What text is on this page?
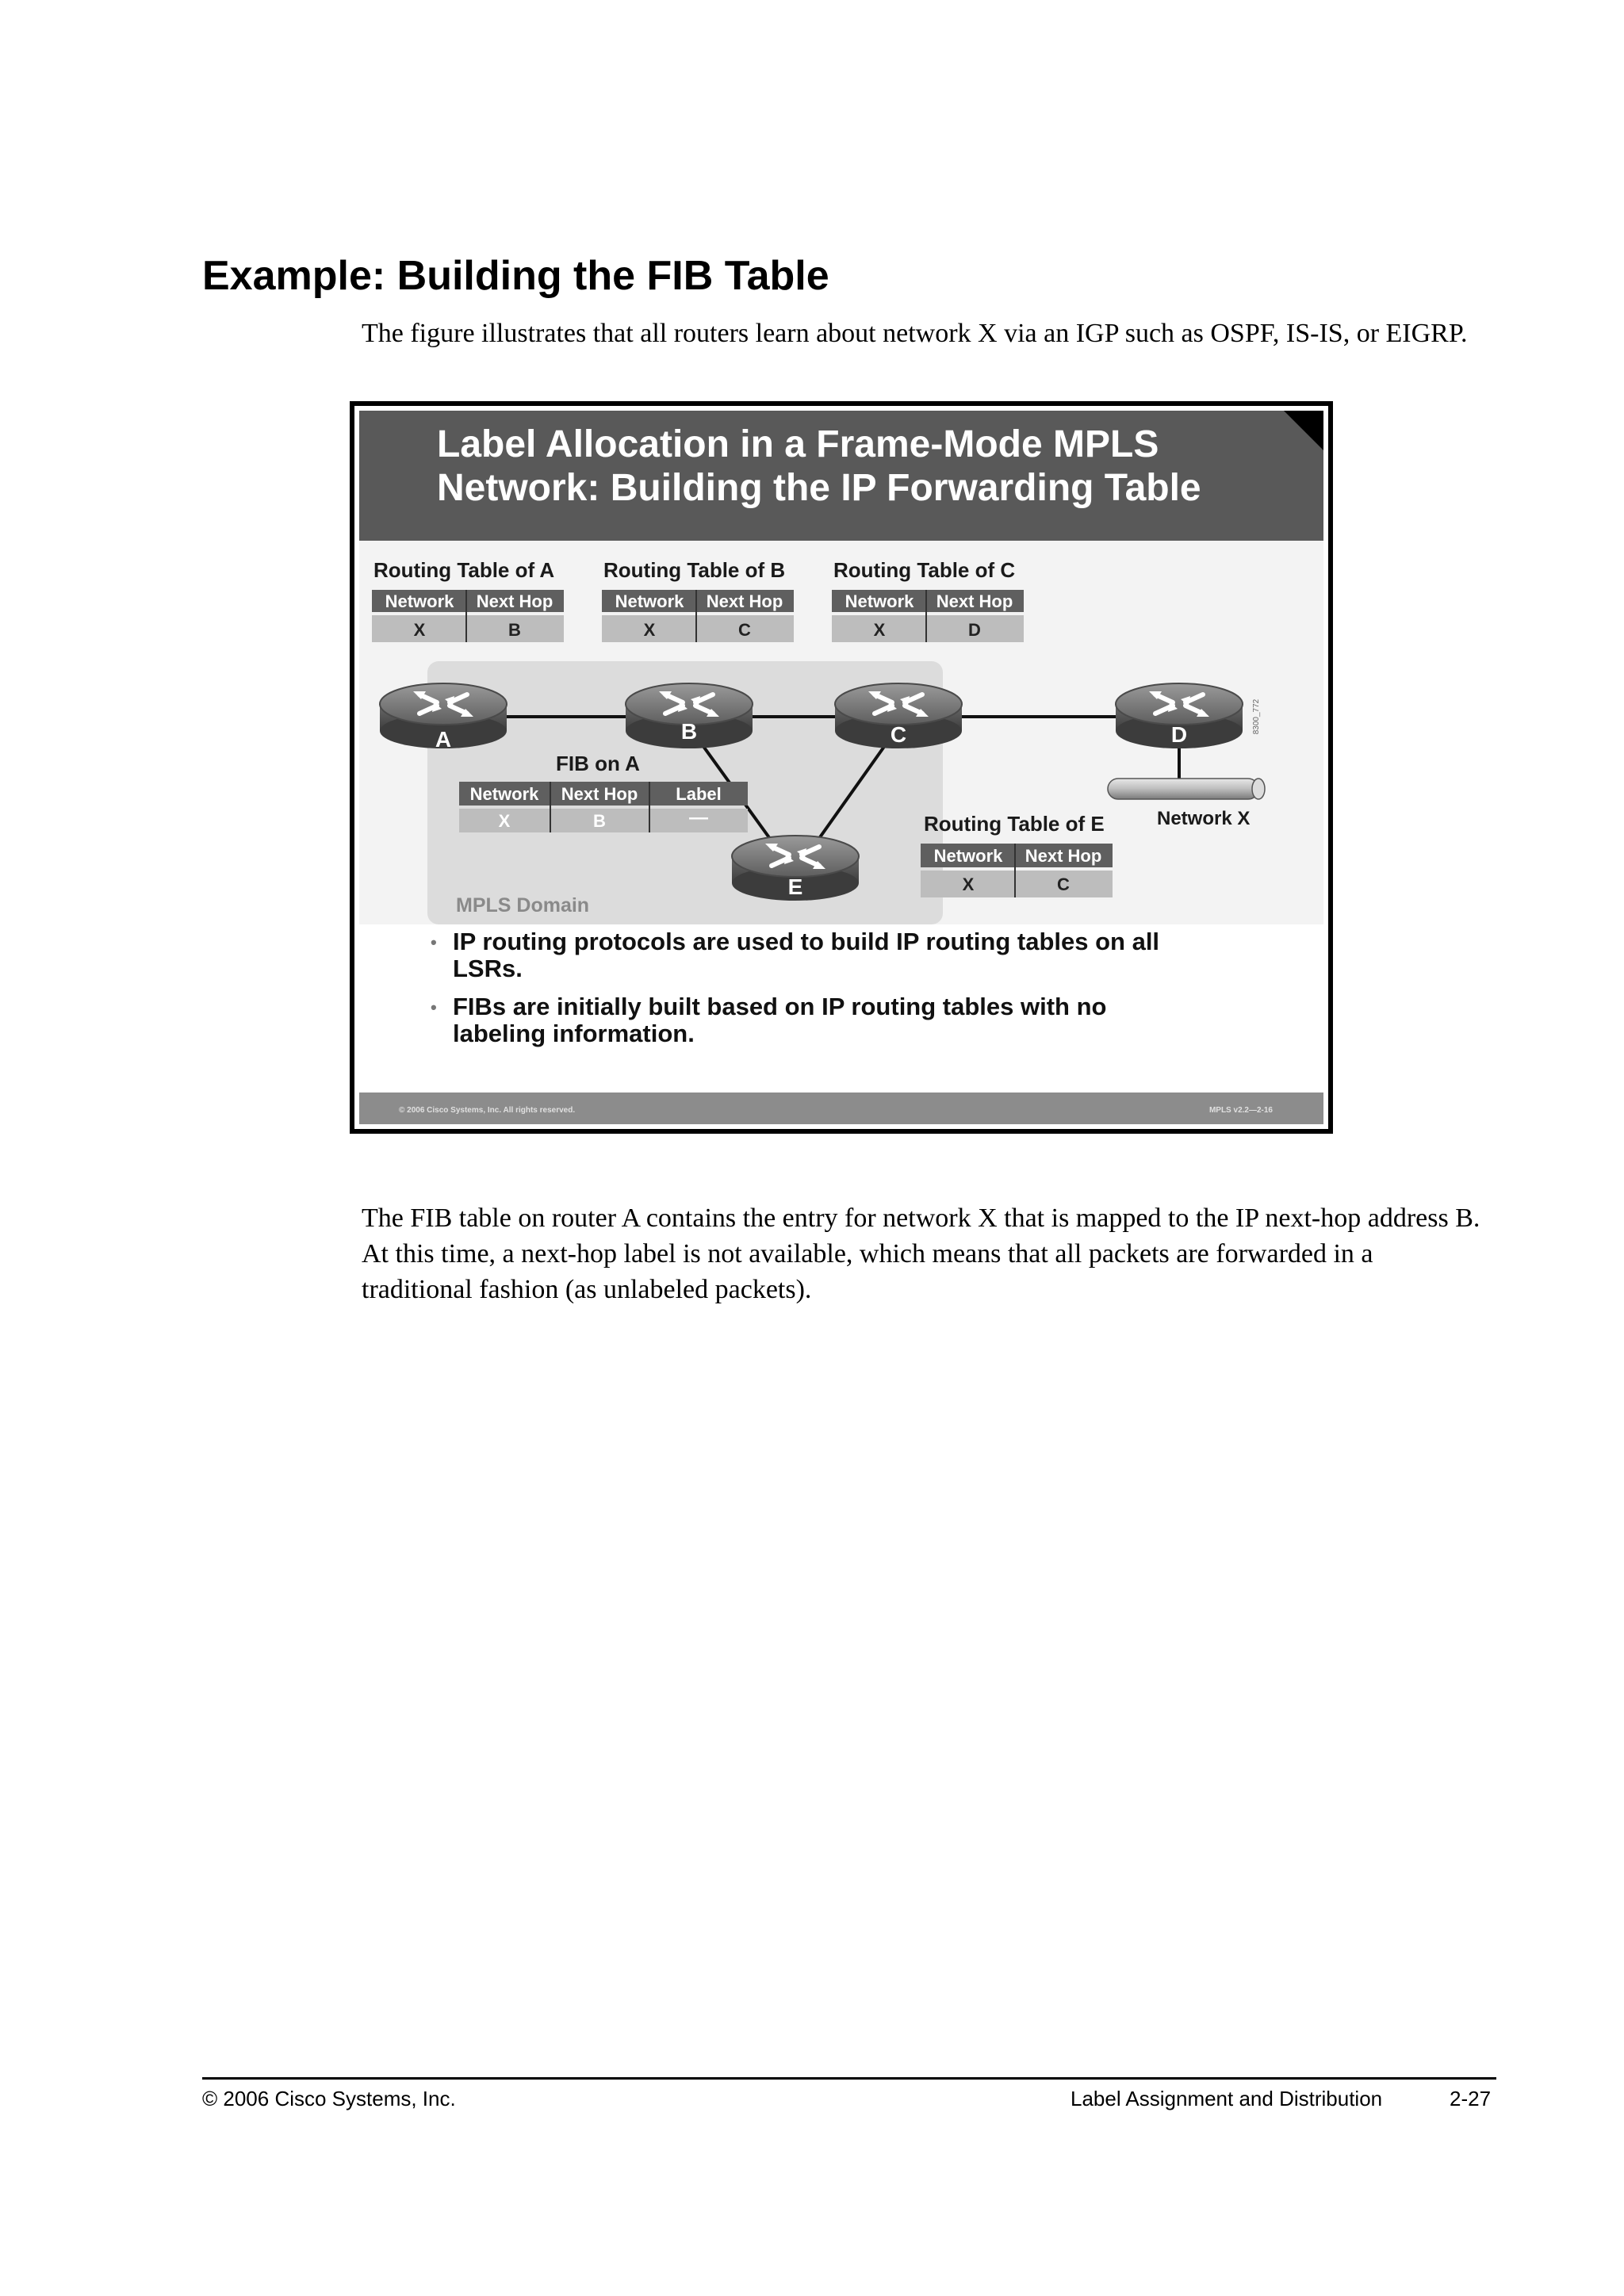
Example: Building the FIB Table
The figure illustrates that all routers learn about network X via an IGP such as OSPF, IS-IS, or EIGRP.
Label Allocation in a Frame-Mode MPLS
Network: Building the IP Forwarding Table
MPLS Domain
Routing Table of A
Network Next Hop
X	B
Routing Table of B
Network Next Hop
X	C
Routing Table of C
Network Next Hop
X	D
Network X
A	B	C	D
E
8300_772
FIB on A
Network Next Hop Label
X	B	—	Routing Table of E
Network Next Hop
X	C
• IP routing protocols are used to build IP routing tables on all
LSRs.
• FIBs are initially built based on IP routing tables with no
labeling information.
© 2006 Cisco Systems, Inc. All rights reserved.	MPLS v2.2—2-16
The FIB table on router A contains the entry for network X that is mapped to the IP next-hop address B. At this time, a next-hop label is not available, which means that all packets are forwarded in a traditional fashion (as unlabeled packets).
© 2006 Cisco Systems, Inc.	Label Assignment and Distribution	2-27
